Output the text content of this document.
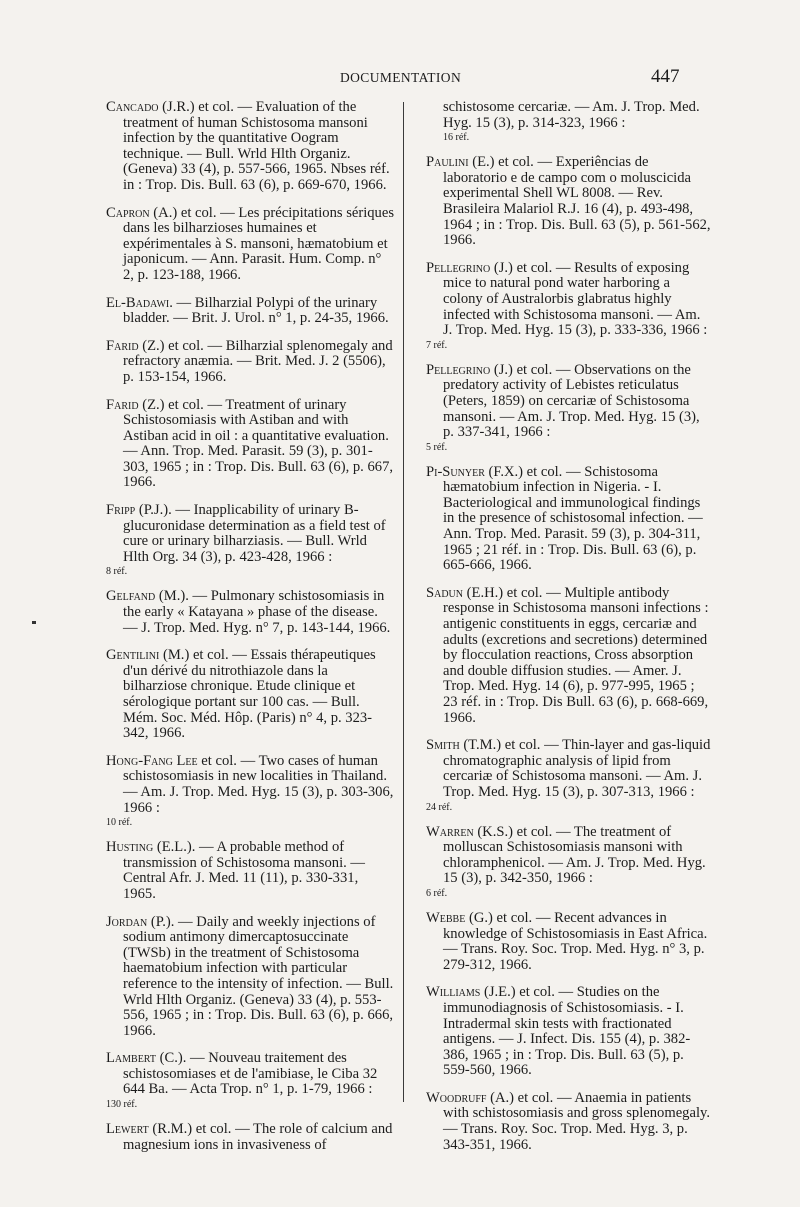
DOCUMENTATION	447

Cancado (J.R.) et col. — Evaluation of the treatment of human Schistosoma mansoni infection by the quantitative Oogram technique. — Bull. Wrld Hlth Organiz. (Geneva) 33 (4), p. 557-566, 1965. Nbses réf. in : Trop. Dis. Bull. 63 (6), p. 669-670, 1966.

Capron (A.) et col. — Les précipitations sériques dans les bilharzioses humaines et expérimentales à S. mansoni, hæmatobium et japonicum. — Ann. Parasit. Hum. Comp. n° 2, p. 123-188, 1966.

El-Badawi. — Bilharzial Polypi of the urinary bladder. — Brit. J. Urol. n° 1, p. 24-35, 1966.

Farid (Z.) et col. — Bilharzial splenomegaly and refractory anæmia. — Brit. Med. J. 2 (5506), p. 153-154, 1966.

Farid (Z.) et col. — Treatment of urinary Schistosomiasis with Astiban and with Astiban acid in oil : a quantitative evaluation. — Ann. Trop. Med. Parasit. 59 (3), p. 301-303, 1965 ; in : Trop. Dis. Bull. 63 (6), p. 667, 1966.

Fripp (P.J.). — Inapplicability of urinary B-glucuronidase determination as a field test of cure or urinary bilharziasis. — Bull. Wrld Hlth Org. 34 (3), p. 423-428, 1966 :
8 réf.

Gelfand (M.). — Pulmonary schistosomiasis in the early « Katayana » phase of the disease. — J. Trop. Med. Hyg. n° 7, p. 143-144, 1966.

Gentilini (M.) et col. — Essais thérapeutiques d'un dérivé du nitrothiazole dans la bilharziose chronique. Etude clinique et sérologique portant sur 100 cas. — Bull. Mém. Soc. Méd. Hôp. (Paris) n° 4, p. 323-342, 1966.

Hong-Fang Lee et col. — Two cases of human schistosomiasis in new localities in Thailand. — Am. J. Trop. Med. Hyg. 15 (3), p. 303-306, 1966 :
10 réf.

Husting (E.L.). — A probable method of transmission of Schistosoma mansoni. — Central Afr. J. Med. 11 (11), p. 330-331, 1965.

Jordan (P.). — Daily and weekly injections of sodium antimony dimercaptosuccinate (TWSb) in the treatment of Schistosoma haematobium infection with particular reference to the intensity of infection. — Bull. Wrld Hlth Organiz. (Geneva) 33 (4), p. 553-556, 1965 ; in : Trop. Dis. Bull. 63 (6), p. 666, 1966.

Lambert (C.). — Nouveau traitement des schistosomiases et de l'amibiase, le Ciba 32 644 Ba. — Acta Trop. n° 1, p. 1-79, 1966 :
130 réf.

Lewert (R.M.) et col. — The role of calcium and magnesium ions in invasiveness of

schistosome cercariæ. — Am. J. Trop. Med. Hyg. 15 (3), p. 314-323, 1966 :
16 réf.

Paulini (E.) et col. — Experiências de laboratorio e de campo com o moluscicida experimental Shell WL 8008. — Rev. Brasileira Malariol R.J. 16 (4), p. 493-498, 1964 ; in : Trop. Dis. Bull. 63 (5), p. 561-562, 1966.

Pellegrino (J.) et col. — Results of exposing mice to natural pond water harboring a colony of Australorbis glabratus highly infected with Schistosoma mansoni. — Am. J. Trop. Med. Hyg. 15 (3), p. 333-336, 1966 :
7 réf.

Pellegrino (J.) et col. — Observations on the predatory activity of Lebistes reticulatus (Peters, 1859) on cercariæ of Schistosoma mansoni. — Am. J. Trop. Med. Hyg. 15 (3), p. 337-341, 1966 :
5 réf.

Pi-Sunyer (F.X.) et col. — Schistosoma hæmatobium infection in Nigeria. - I. Bacteriological and immunological findings in the presence of schistosomal infection. — Ann. Trop. Med. Parasit. 59 (3), p. 304-311, 1965 ; 21 réf. in : Trop. Dis. Bull. 63 (6), p. 665-666, 1966.

Sadun (E.H.) et col. — Multiple antibody response in Schistosoma mansoni infections : antigenic constituents in eggs, cercariæ and adults (excretions and secretions) determined by flocculation reactions, Cross absorption and double diffusion studies. — Amer. J. Trop. Med. Hyg. 14 (6), p. 977-995, 1965 ; 23 réf. in : Trop. Dis Bull. 63 (6), p. 668-669, 1966.

Smith (T.M.) et col. — Thin-layer and gas-liquid chromatographic analysis of lipid from cercariæ of Schistosoma mansoni. — Am. J. Trop. Med. Hyg. 15 (3), p. 307-313, 1966 :
24 réf.

Warren (K.S.) et col. — The treatment of molluscan Schistosomiasis mansoni with chloramphenicol. — Am. J. Trop. Med. Hyg. 15 (3), p. 342-350, 1966 :
6 réf.

Webbe (G.) et col. — Recent advances in knowledge of Schistosomiasis in East Africa. — Trans. Roy. Soc. Trop. Med. Hyg. n° 3, p. 279-312, 1966.

Williams (J.E.) et col. — Studies on the immunodiagnosis of Schistosomiasis. - I. Intradermal skin tests with fractionated antigens. — J. Infect. Dis. 155 (4), p. 382-386, 1965 ; in : Trop. Dis. Bull. 63 (5), p. 559-560, 1966.

Woodruff (A.) et col. — Anaemia in patients with schistosomiasis and gross splenomegaly. — Trans. Roy. Soc. Trop. Med. Hyg. 3, p. 343-351, 1966.
